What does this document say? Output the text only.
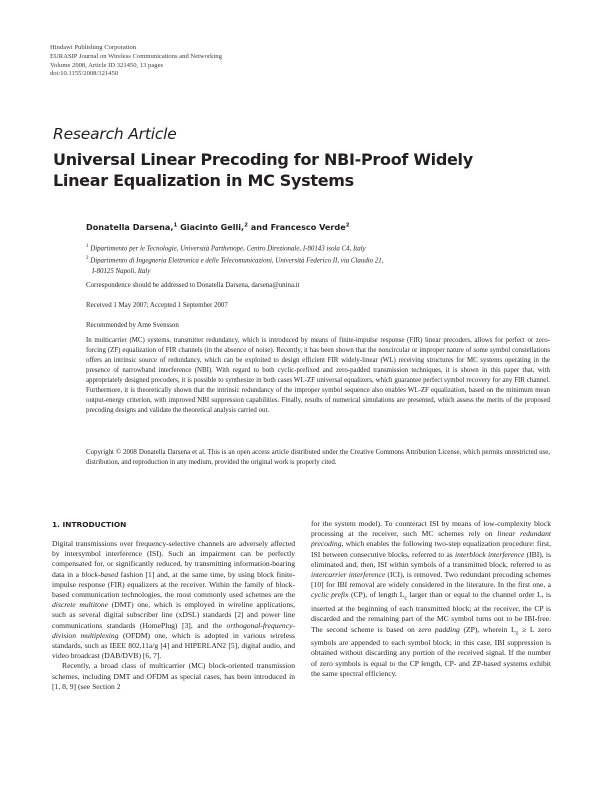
Hindawi Publishing Corporation
EURASIP Journal on Wireless Communications and Networking
Volume 2008, Article ID 321450, 13 pages
doi:10.1155/2008/321450
Research Article
Universal Linear Precoding for NBI-Proof Widely
Linear Equalization in MC Systems
Donatella Darsena,$^1$ Giacinto Gelli,$^2$ and Francesco Verde$^2$
$^1$ Dipartimento per le Tecnologie, Università Parthenope, Centro Direzionale, I-80143 isola C4, Italy
$^2$ Dipartimento di Ingegneria Elettronica e delle Telecomunicazioni, Università Federico II, via Claudio 21,
I-80125 Napoli, Italy
Correspondence should be addressed to Donatella Darsena, darsena@unina.it
Received 1 May 2007; Accepted 1 September 2007
Recommended by Arne Svensson
In multicarrier (MC) systems, transmitter redundancy, which is introduced by means of finite-impulse response (FIR) linear precoders, allows for perfect or zero-forcing (ZF) equalization of FIR channels (in the absence of noise). Recently, it has been shown that the noncircular or improper nature of some symbol constellations offers an intrinsic source of redundancy, which can be exploited to design efficient FIR widely-linear (WL) receiving structures for MC systems operating in the presence of narrowband interference (NBI). With regard to both cyclic-prefixed and zero-padded transmission techniques, it is shown in this paper that, with appropriately designed precoders, it is possible to synthesize in both cases WL-ZF universal equalizers, which guarantee perfect symbol recovery for any FIR channel. Furthermore, it is theoretically shown that the intrinsic redundancy of the improper symbol sequence also enables WL-ZF equalization, based on the minimum mean output-energy criterion, with improved NBI suppression capabilities. Finally, results of numerical simulations are presented, which assess the merits of the proposed precoding designs and validate the theoretical analysis carried out.
Copyright © 2008 Donatella Darsena et al. This is an open access article distributed under the Creative Commons Attribution License, which permits unrestricted use, distribution, and reproduction in any medium, provided the original work is properly cited.
1. INTRODUCTION

Digital transmissions over frequency-selective channels are adversely affected by intersymbol interference (ISI). Such an impairment can be perfectly compensated for, or significantly reduced, by transmitting information-bearing data in a block-based fashion [1] and, at the same time, by using block finite-impulse response (FIR) equalizers at the receiver. Within the family of block-based communication technologies, the most commonly used schemes are the discrete multitone (DMT) one, which is employed in wireline applications, such as several digital subscriber line (xDSL) standards [2] and power line communications standards (HomePlug) [3], and the orthogonal-frequency-division multiplexing (OFDM) one, which is adopted in various wireless standards, such as IEEE 802.11a/g [4] and HIPERLAN2 [5], digital audio, and video broadcast (DAB/DVB) [6, 7].

Recently, a broad class of multicarrier (MC) block-oriented transmission schemes, including DMT and OFDM as special cases, has been introduced in [1, 8, 9] (see Section 2

for the system model). To counteract ISI by means of low-complexity block processing at the receiver, such MC schemes rely on linear redundant precoding, which enables the following two-step equalization procedure: first, ISI between consecutive blocks, referred to as interblock interference (IBI), is eliminated and, then, ISI within symbols of a transmitted block, referred to as intercarrier interference (ICI), is removed. Two redundant precoding schemes [10] for IBI removal are widely considered in the literature. In the first one, a cyclic prefix (CP), of length $L_c$ larger than or equal to the channel order L, is inserted at the beginning of each transmitted block; at the receiver, the CP is discarded and the remaining part of the MC symbol turns out to be IBI-free. The second scheme is based on zero padding (ZP), wherein $L_z \ge L$ zero symbols are appended to each symbol block; in this case, IBI suppression is obtained without discarding any portion of the received signal. If the number of zero symbols is equal to the CP length, CP- and ZP-based systems exhibit the same spectral efficiency.
